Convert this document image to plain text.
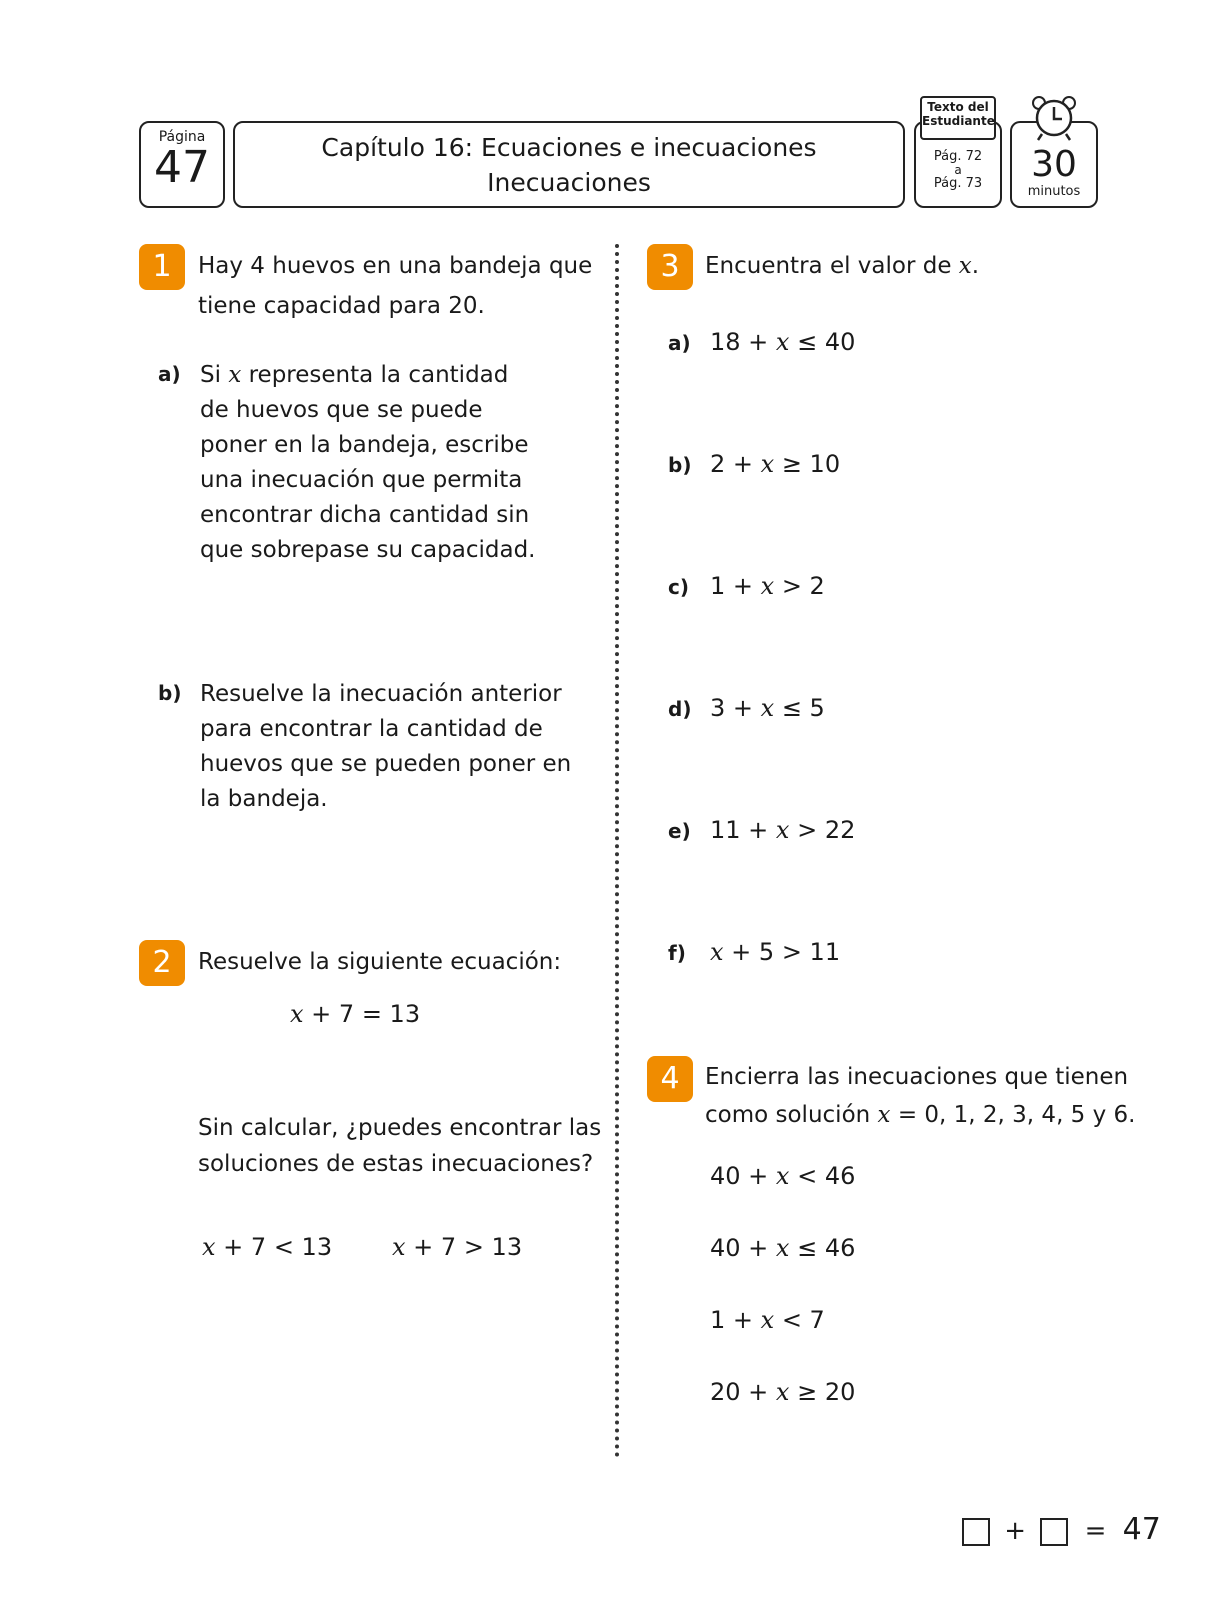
Página
47	Capítulo 16: Ecuaciones e inecuaciones
Inecuaciones
Pág. 72
a
Pág. 73
Texto del
Estudiante
30
minutos
1	Hay 4 huevos en una bandeja que
tiene capacidad para 20.
a) Si x representa la cantidad
de huevos que se puede
poner en la bandeja, escribe
una inecuación que permita
encontrar dicha cantidad sin
que sobrepase su capacidad.
b) Resuelve la inecuación anterior
para encontrar la cantidad de
huevos que se pueden poner en
la bandeja.
2	Resuelve la siguiente ecuación:
x + 7 = 13
Sin calcular, ¿puedes encontrar las
soluciones de estas inecuaciones?
x + 7 < 13 x + 7 > 13
3	Encuentra el valor de x.
a) 18 + x ≤ 40
b) 2 + x ≥ 10
c) 1 + x > 2
d) 3 + x ≤ 5
e) 11 + x > 22
f) x + 5 > 11
4	Encierra las inecuaciones que tienen
como solución x = 0, 1, 2, 3, 4, 5 y 6.
40 + x < 46
40 + x ≤ 46
1 + x < 7
20 + x ≥ 20
+ = 47
